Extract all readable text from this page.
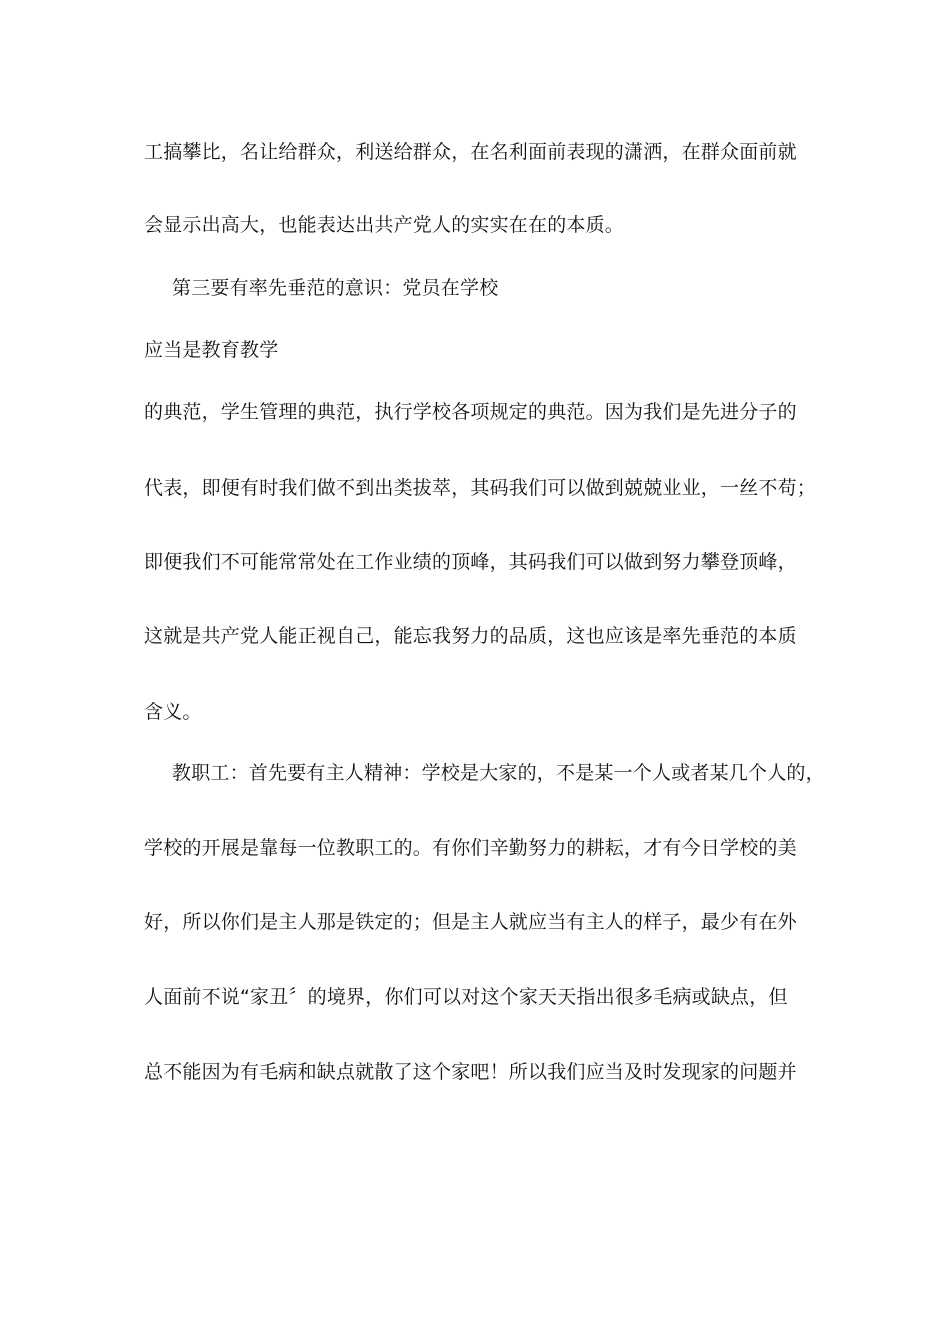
工搞攀比，名让给群众，利送给群众，在名利面前表现的潇洒，在群众面前就
会显示出高大，也能表达出共产党人的实实在在的本质。
第三要有率先垂范的意识：党员在学校
应当是教育教学
的典范，学生管理的典范，执行学校各项规定的典范。因为我们是先进分子的
代表，即便有时我们做不到出类拔萃，其码我们可以做到兢兢业业，一丝不苟；
即便我们不可能常常处在工作业绩的顶峰，其码我们可以做到努力攀登顶峰，
这就是共产党人能正视自己，能忘我努力的品质，这也应该是率先垂范的本质
含义。
教职工：首先要有主人精神：学校是大家的，不是某一个人或者某几个人的，
学校的开展是靠每一位教职工的。有你们辛勤努力的耕耘，才有今日学校的美
好，所以你们是主人那是铁定的；但是主人就应当有主人的样子，最少有在外
人面前不说“家丑〞的境界，你们可以对这个家天天指出很多毛病或缺点，但
总不能因为有毛病和缺点就散了这个家吧！所以我们应当及时发现家的问题并
